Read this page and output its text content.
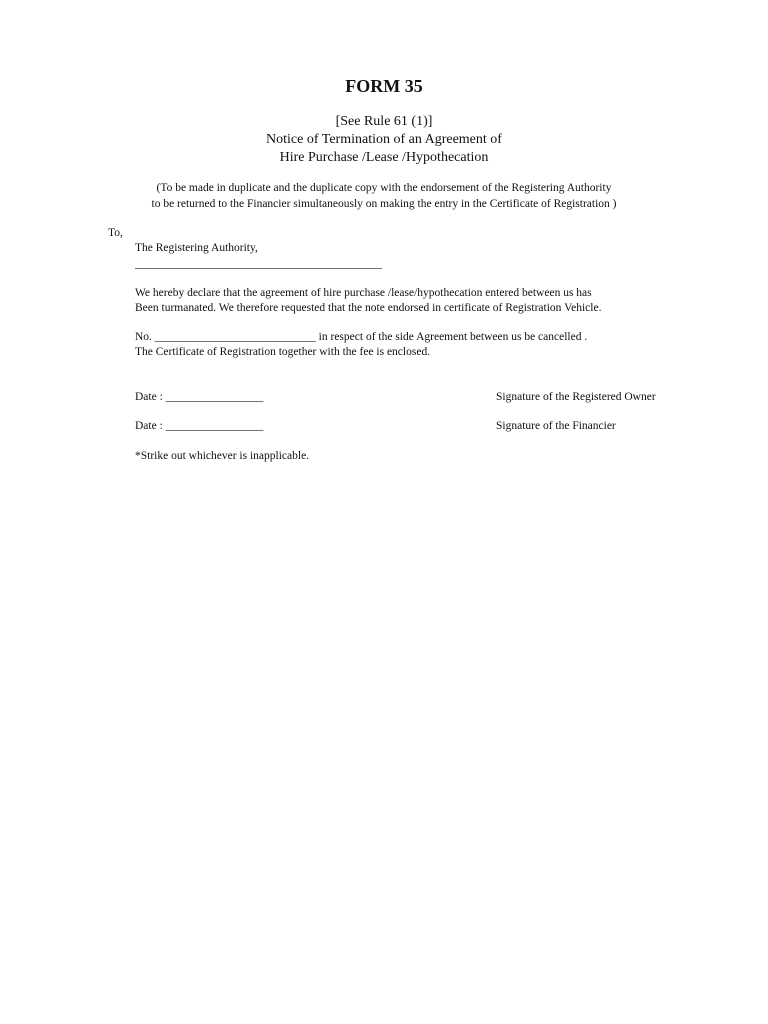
FORM 35
[See Rule 61 (1)]
Notice of Termination of an Agreement of
Hire Purchase /Lease /Hypothecation
(To be made in duplicate and the duplicate copy with the endorsement of the Registering Authority
to be returned to the Financier simultaneously on making the entry in the Certificate of Registration )
To,
The Registering Authority,
___________________________________________
We hereby declare that the agreement of hire purchase /lease/hypothecation entered between us has
Been turmanated. We therefore requested that the note endorsed in certificate of Registration Vehicle.
No. ____________________________ in respect of the side Agreement between us be cancelled .
The Certificate of Registration together with the fee is enclosed.
Date : _________________	Signature of the Registered Owner
Date : _________________	Signature of the Financier
*Strike out whichever is inapplicable.
